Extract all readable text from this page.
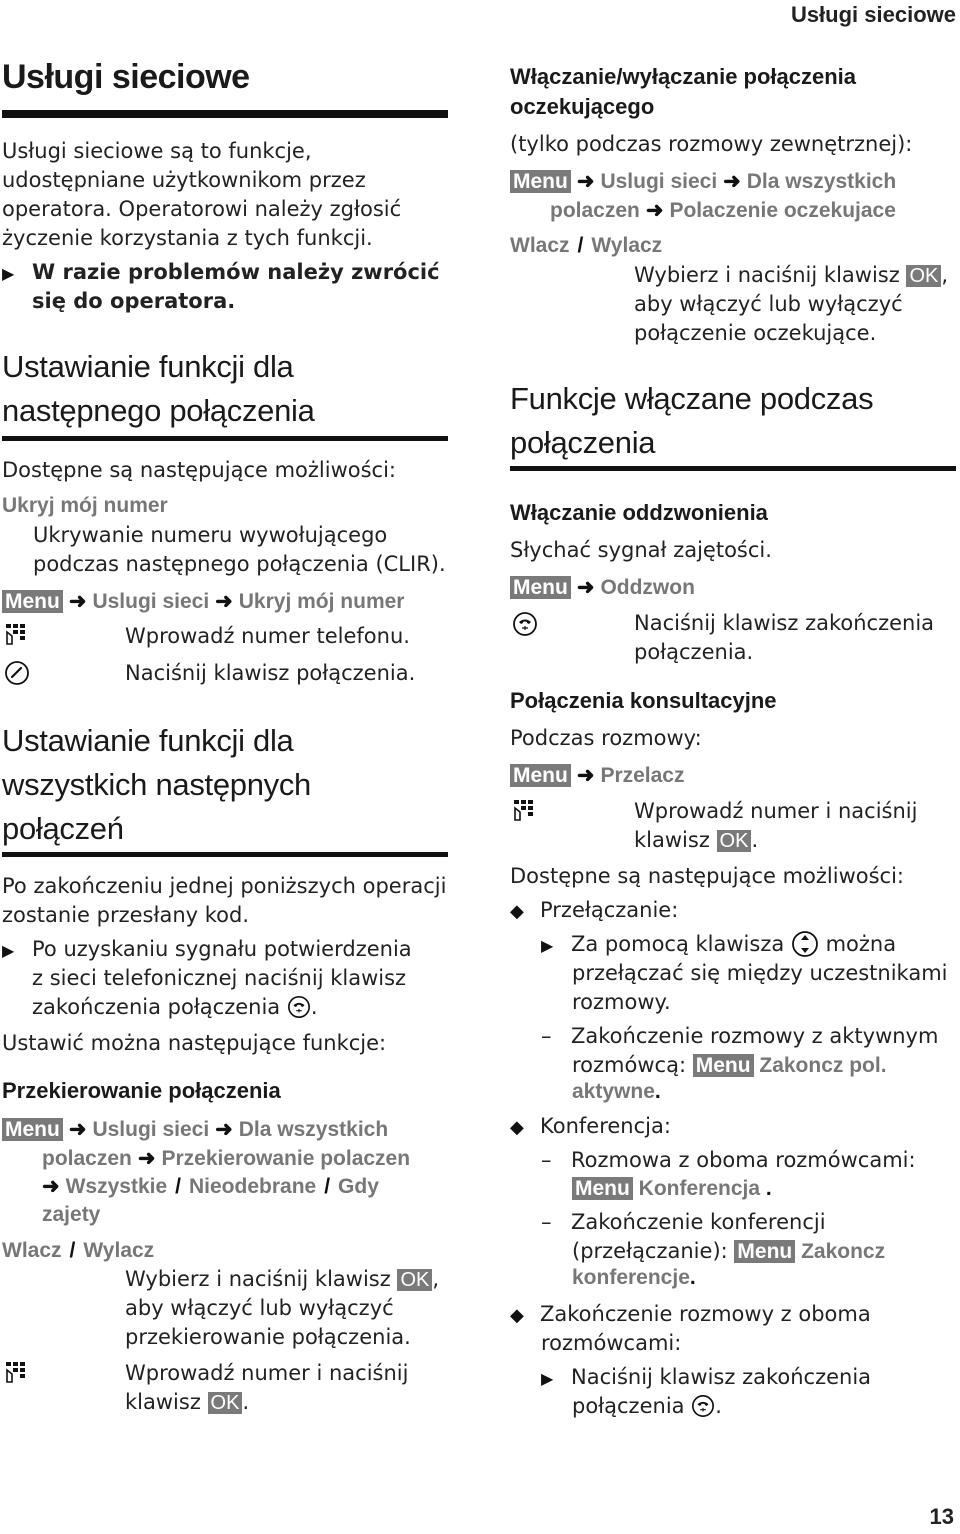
Usługi sieciowe
13
Usługi sieciowe
Usługi sieciowe są to funkcje,
udostępniane użytkownikom przez
operatora. Operatorowi należy zgłosić
życzenie korzystania z tych funkcji.
▶ W razie problemów należy zwrócić
się do operatora.
Ustawianie funkcji dla
następnego połączenia
Dostępne są następujące możliwości:
Ukryj mój numer
Ukrywanie numeru wywołującego
podczas następnego połączenia (CLIR).
Menu ➜ Uslugi sieci ➜ Ukryj mój numer
Wprowadź numer telefonu.
Naciśnij klawisz połączenia.
Ustawianie funkcji dla
wszystkich następnych
połączeń
Po zakończeniu jednej poniższych operacji
zostanie przesłany kod.
▶ Po uzyskaniu sygnału potwierdzenia
z sieci telefonicznej naciśnij klawisz
zakończenia połączenia .
Ustawić można następujące funkcje:
Przekierowanie połączenia
Menu ➜ Uslugi sieci ➜ Dla wszystkich
polaczen ➜ Przekierowanie polaczen
➜ Wszystkie / Nieodebrane / Gdy
zajety
Wlacz / Wylacz
Wybierz i naciśnij klawisz OK ,
aby włączyć lub wyłączyć
przekierowanie połączenia.
Wprowadź numer i naciśnij
klawisz OK .
Włączanie/wyłączanie połączenia
oczekującego
(tylko podczas rozmowy zewnętrznej):
Menu ➜ Uslugi sieci ➜ Dla wszystkich
polaczen ➜ Polaczenie oczekujace
Wlacz / Wylacz
Wybierz i naciśnij klawisz OK ,
aby włączyć lub wyłączyć
połączenie oczekujące.
Funkcje włączane podczas
połączenia
Włączanie oddzwonienia
Słychać sygnał zajętości.
Menu ➜ Oddzwon
Naciśnij klawisz zakończenia
połączenia.
Połączenia konsultacyjne
Podczas rozmowy:
Menu ➜ Przelacz
Wprowadź numer i naciśnij
klawisz OK .
Dostępne są następujące możliwości:
◆ Przełączanie:
▶ Za pomocą klawisza można
przełączać się między uczestnikami
rozmowy.
– Zakończenie rozmowy z aktywnym
rozmówcą: Menu Zakoncz pol.
aktywne.
◆ Konferencja:
– Rozmowa z oboma rozmówcami:
Menu Konferencja .
– Zakończenie konferencji
(przełączanie): Menu Zakoncz
konferencje.
◆ Zakończenie rozmowy z oboma
rozmówcami:
▶ Naciśnij klawisz zakończenia
połączenia .
